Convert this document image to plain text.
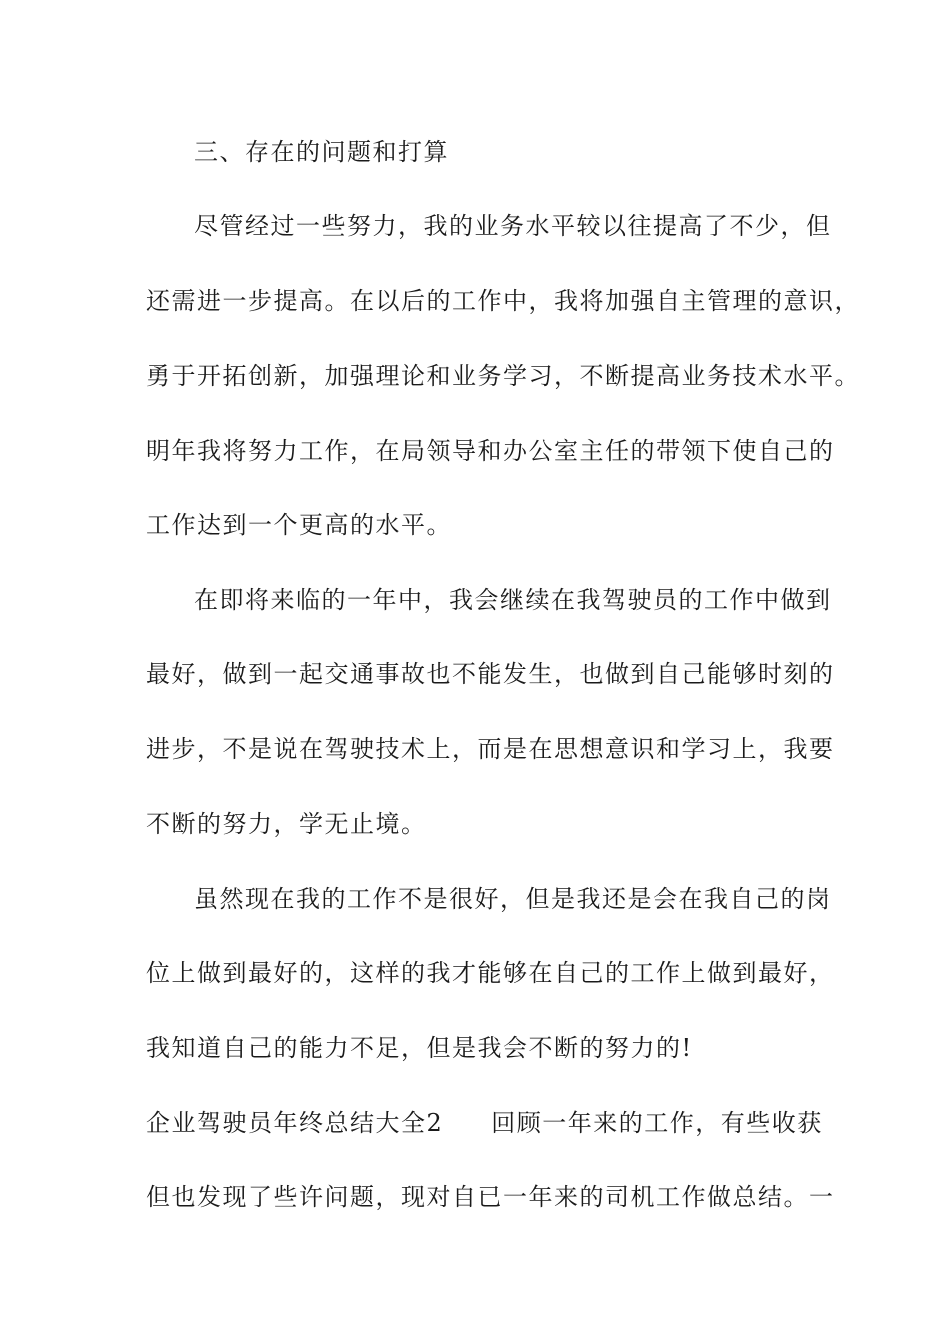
三、存在的问题和打算
尽管经过一些努力，我的业务水平较以往提高了不少，但
还需进一步提高。在以后的工作中，我将加强自主管理的意识，
勇于开拓创新，加强理论和业务学习，不断提高业务技术水平。
明年我将努力工作，在局领导和办公室主任的带领下使自己的
工作达到一个更高的水平。
在即将来临的一年中，我会继续在我驾驶员的工作中做到
最好，做到一起交通事故也不能发生，也做到自己能够时刻的
进步，不是说在驾驶技术上，而是在思想意识和学习上，我要
不断的努力，学无止境。
虽然现在我的工作不是很好，但是我还是会在我自己的岗
位上做到最好的，这样的我才能够在自己的工作上做到最好，
我知道自己的能力不足，但是我会不断的努力的!
企业驾驶员年终总结大全2 回顾一年来的工作，有些收获
但也发现了些许问题，现对自已一年来的司机工作做总结。一
